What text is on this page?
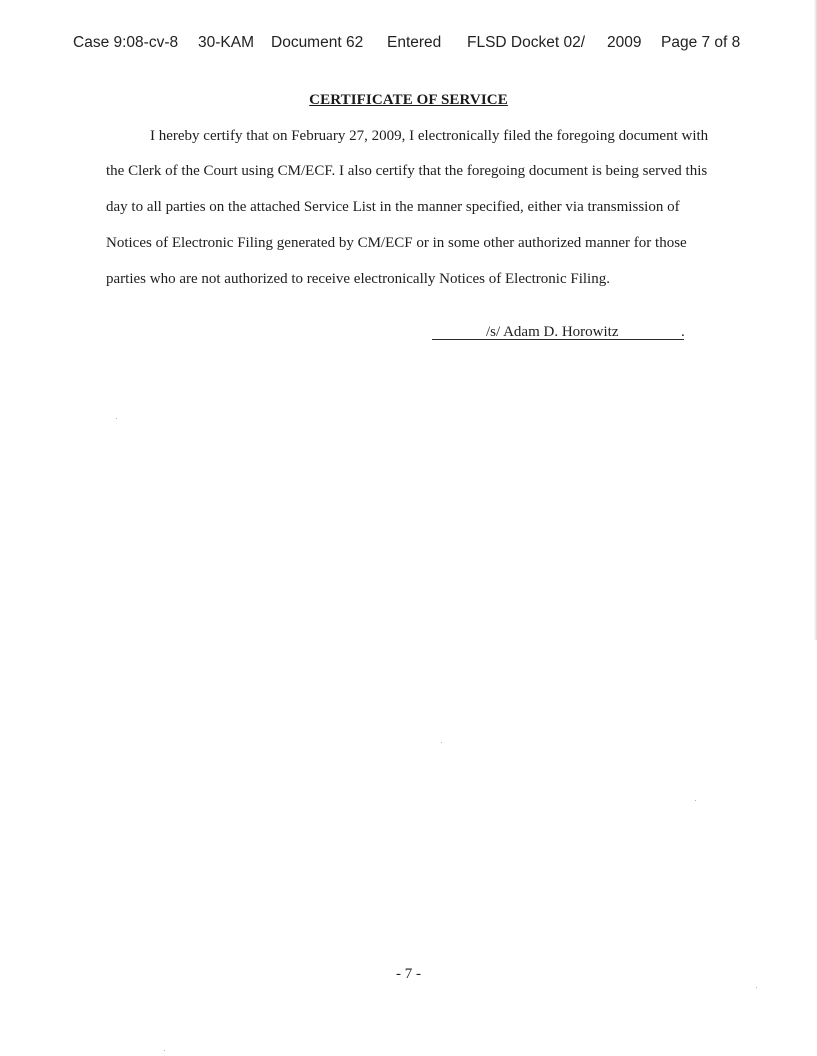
Case 9:08-cv-8 30-KAM Document 62 Entered FLSD Docket 02/ 2009 Page 7 of 8
CERTIFICATE OF SERVICE
I hereby certify that on February 27, 2009, I electronically filed the foregoing document with
the Clerk of the Court using CM/ECF. I also certify that the foregoing document is being served this
day to all parties on the attached Service List in the manner specified, either via transmission of
Notices of Electronic Filing generated by CM/ECF or in some other authorized manner for those
parties who are not authorized to receive electronically Notices of Electronic Filing.
/s/ Adam D. Horowitz	.
- 7 -
